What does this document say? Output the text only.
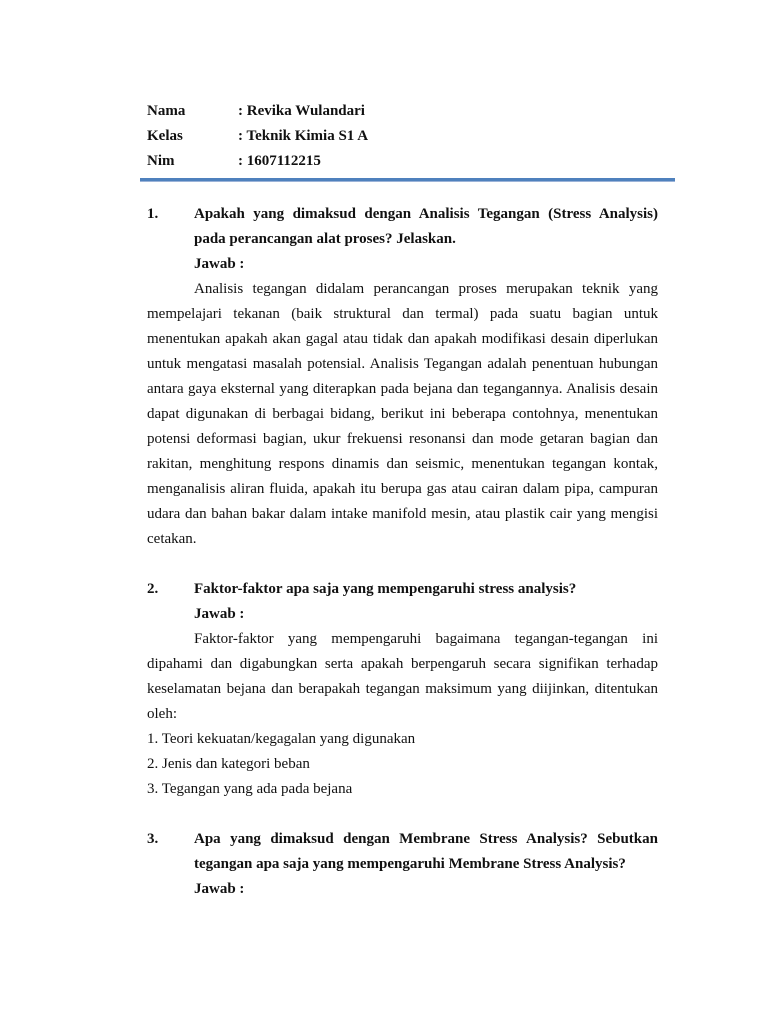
Nama	: Revika Wulandari
Kelas	: Teknik Kimia S1 A
Nim	: 1607112215
1.	Apakah yang dimaksud dengan Analisis Tegangan (Stress Analysis) pada perancangan alat proses? Jelaskan.
Jawab :
Analisis tegangan didalam perancangan proses merupakan teknik yang mempelajari tekanan (baik struktural dan termal) pada suatu bagian untuk menentukan apakah akan gagal atau tidak dan apakah modifikasi desain diperlukan untuk mengatasi masalah potensial. Analisis Tegangan adalah penentuan hubungan antara gaya eksternal yang diterapkan pada bejana dan tegangannya. Analisis desain dapat digunakan di berbagai bidang, berikut ini beberapa contohnya, menentukan potensi deformasi bagian, ukur frekuensi resonansi dan mode getaran bagian dan rakitan, menghitung respons dinamis dan seismic, menentukan tegangan kontak, menganalisis aliran fluida, apakah itu berupa gas atau cairan dalam pipa, campuran udara dan bahan bakar dalam intake manifold mesin, atau plastik cair yang mengisi cetakan.
2.	Faktor-faktor apa saja yang mempengaruhi stress analysis?
Jawab :
Faktor-faktor yang mempengaruhi bagaimana tegangan-tegangan ini dipahami dan digabungkan serta apakah berpengaruh secara signifikan terhadap keselamatan bejana dan berapakah tegangan maksimum yang diijinkan, ditentukan oleh:
1. Teori kekuatan/kegagalan yang digunakan
2. Jenis dan kategori beban
3. Tegangan yang ada pada bejana
3.	Apa yang dimaksud dengan Membrane Stress Analysis? Sebutkan tegangan apa saja yang mempengaruhi Membrane Stress Analysis?
Jawab :
